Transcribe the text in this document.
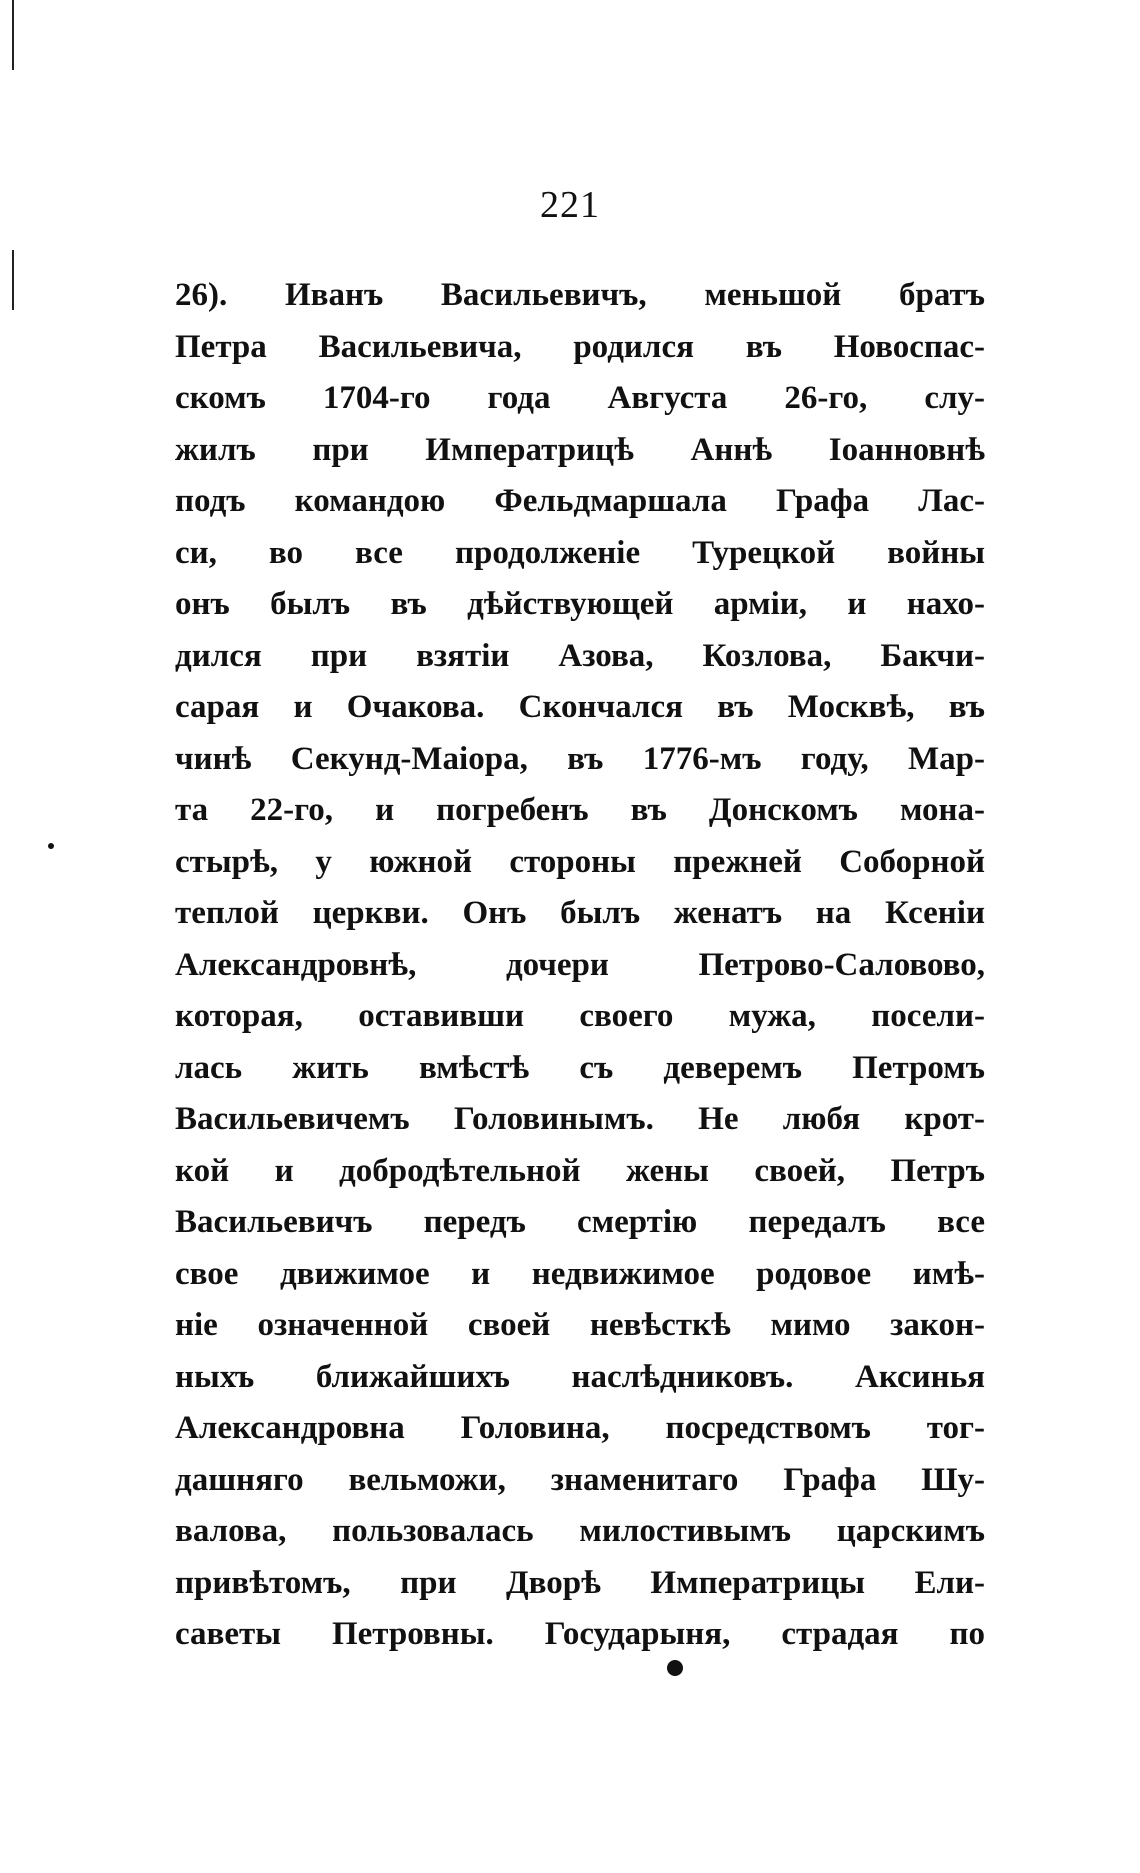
221
26). Иванъ Васильевичъ, меньшой братъ
Петра Васильевича, родился въ Новоспас-
скомъ 1704-го года Августа 26-го, слу-
жилъ при Императрицѣ Аннѣ Іоанновнѣ
подъ командою Фельдмаршала Графа Лас-
си, во все продолженіе Турецкой войны
онъ былъ въ дѣйствующей арміи, и нахо-
дился при взятіи Азова, Козлова, Бакчи-
сарая и Очакова. Скончался въ Москвѣ, въ
чинѣ Секунд-Маіора, въ 1776-мъ году, Мар-
та 22-го, и погребенъ въ Донскомъ мона-
стырѣ, у южной стороны прежней Соборной
теплой церкви. Онъ былъ женатъ на Ксеніи
Александровнѣ, дочери Петрово-Саловово,
которая, оставивши своего мужа, посели-
лась жить вмѣстѣ съ деверемъ Петромъ
Васильевичемъ Головинымъ. Не любя крот-
кой и добродѣтельной жены своей, Петръ
Васильевичъ передъ смертію передалъ все
свое движимое и недвижимое родовое имѣ-
ніе означенной своей невѣсткѣ мимо закон-
ныхъ ближайшихъ наслѣдниковъ. Аксинья
Александровна Головина, посредствомъ тог-
дашняго вельможи, знаменитаго Графа Шу-
валова, пользовалась милостивымъ царскимъ
привѣтомъ, при Дворѣ Императрицы Ели-
саветы Петровны. Государыня, страдая по
